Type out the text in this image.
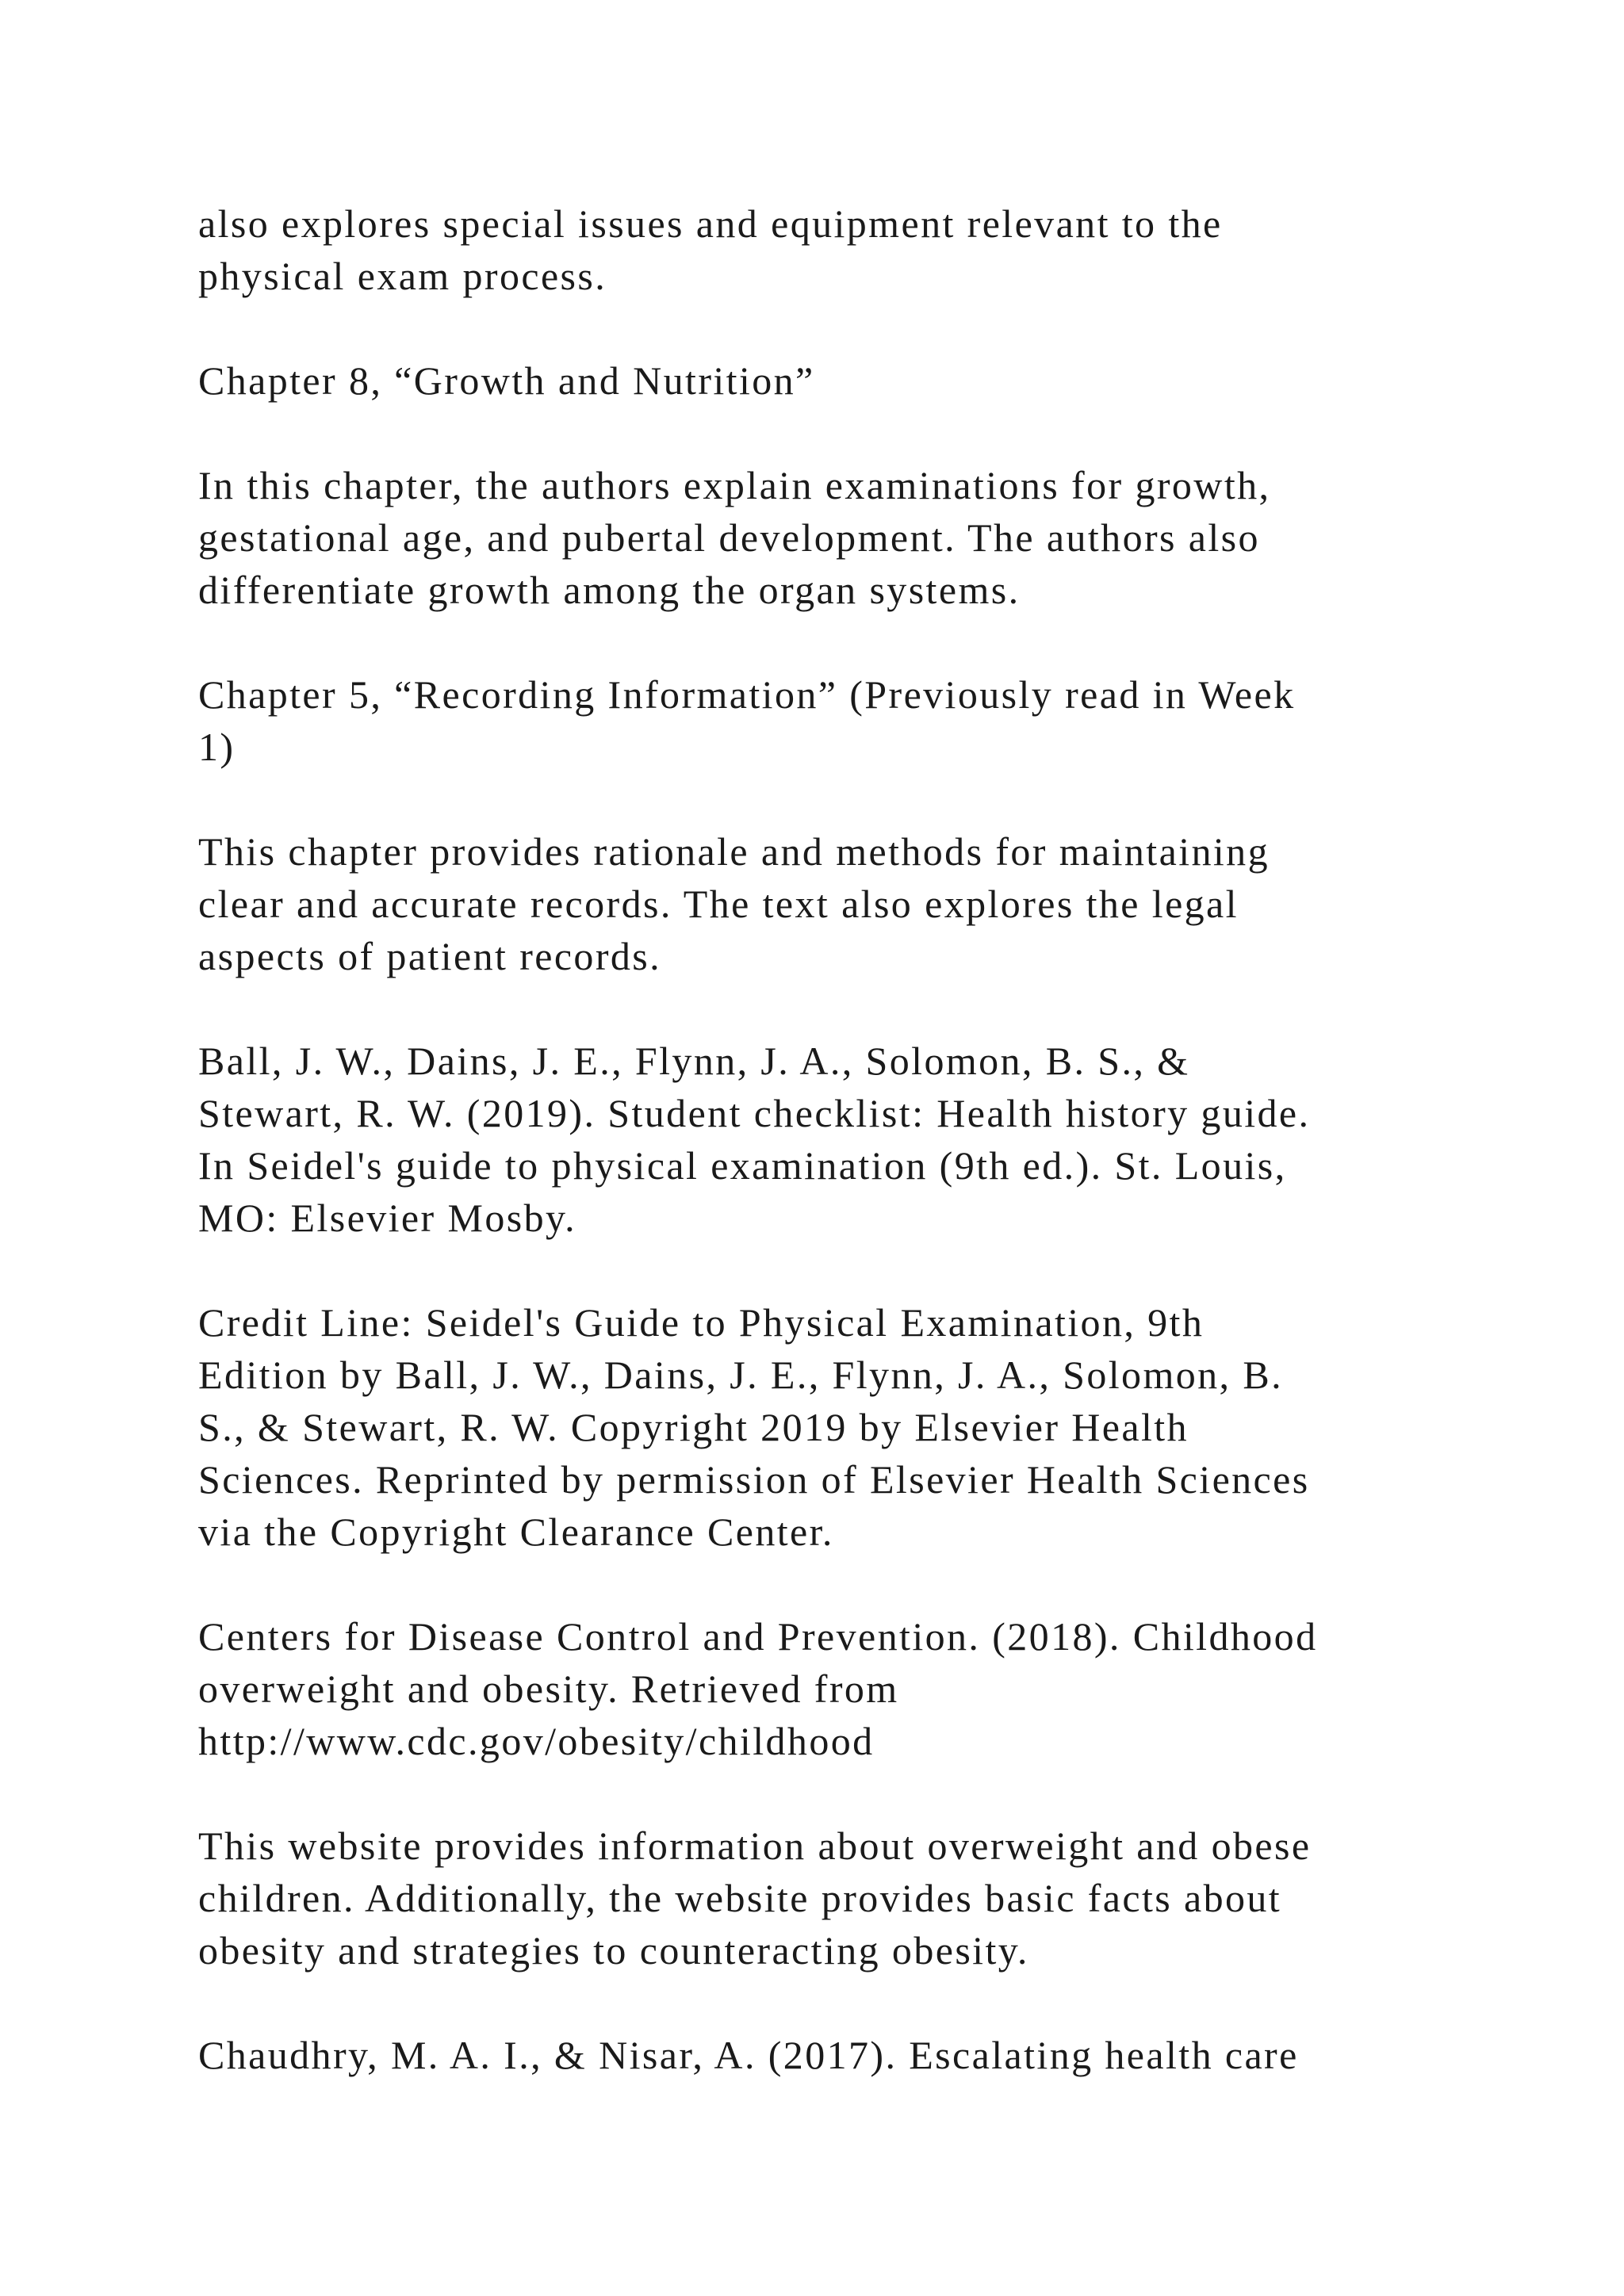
also explores special issues and equipment relevant to the
physical exam process.

Chapter 8, “Growth and Nutrition”

In this chapter, the authors explain examinations for growth,
gestational age, and pubertal development. The authors also
differentiate growth among the organ systems.

Chapter 5, “Recording Information” (Previously read in Week
1)

This chapter provides rationale and methods for maintaining
clear and accurate records. The text also explores the legal
aspects of patient records.

Ball, J. W., Dains, J. E., Flynn, J. A., Solomon, B. S., &
Stewart, R. W. (2019). Student checklist: Health history guide.
In Seidel's guide to physical examination (9th ed.). St. Louis,
MO: Elsevier Mosby.

Credit Line: Seidel's Guide to Physical Examination, 9th
Edition by Ball, J. W., Dains, J. E., Flynn, J. A., Solomon, B.
S., & Stewart, R. W. Copyright 2019 by Elsevier Health
Sciences. Reprinted by permission of Elsevier Health Sciences
via the Copyright Clearance Center.

Centers for Disease Control and Prevention. (2018). Childhood
overweight and obesity. Retrieved from
http://www.cdc.gov/obesity/childhood

This website provides information about overweight and obese
children. Additionally, the website provides basic facts about
obesity and strategies to counteracting obesity.

Chaudhry, M. A. I., & Nisar, A. (2017). Escalating health care
